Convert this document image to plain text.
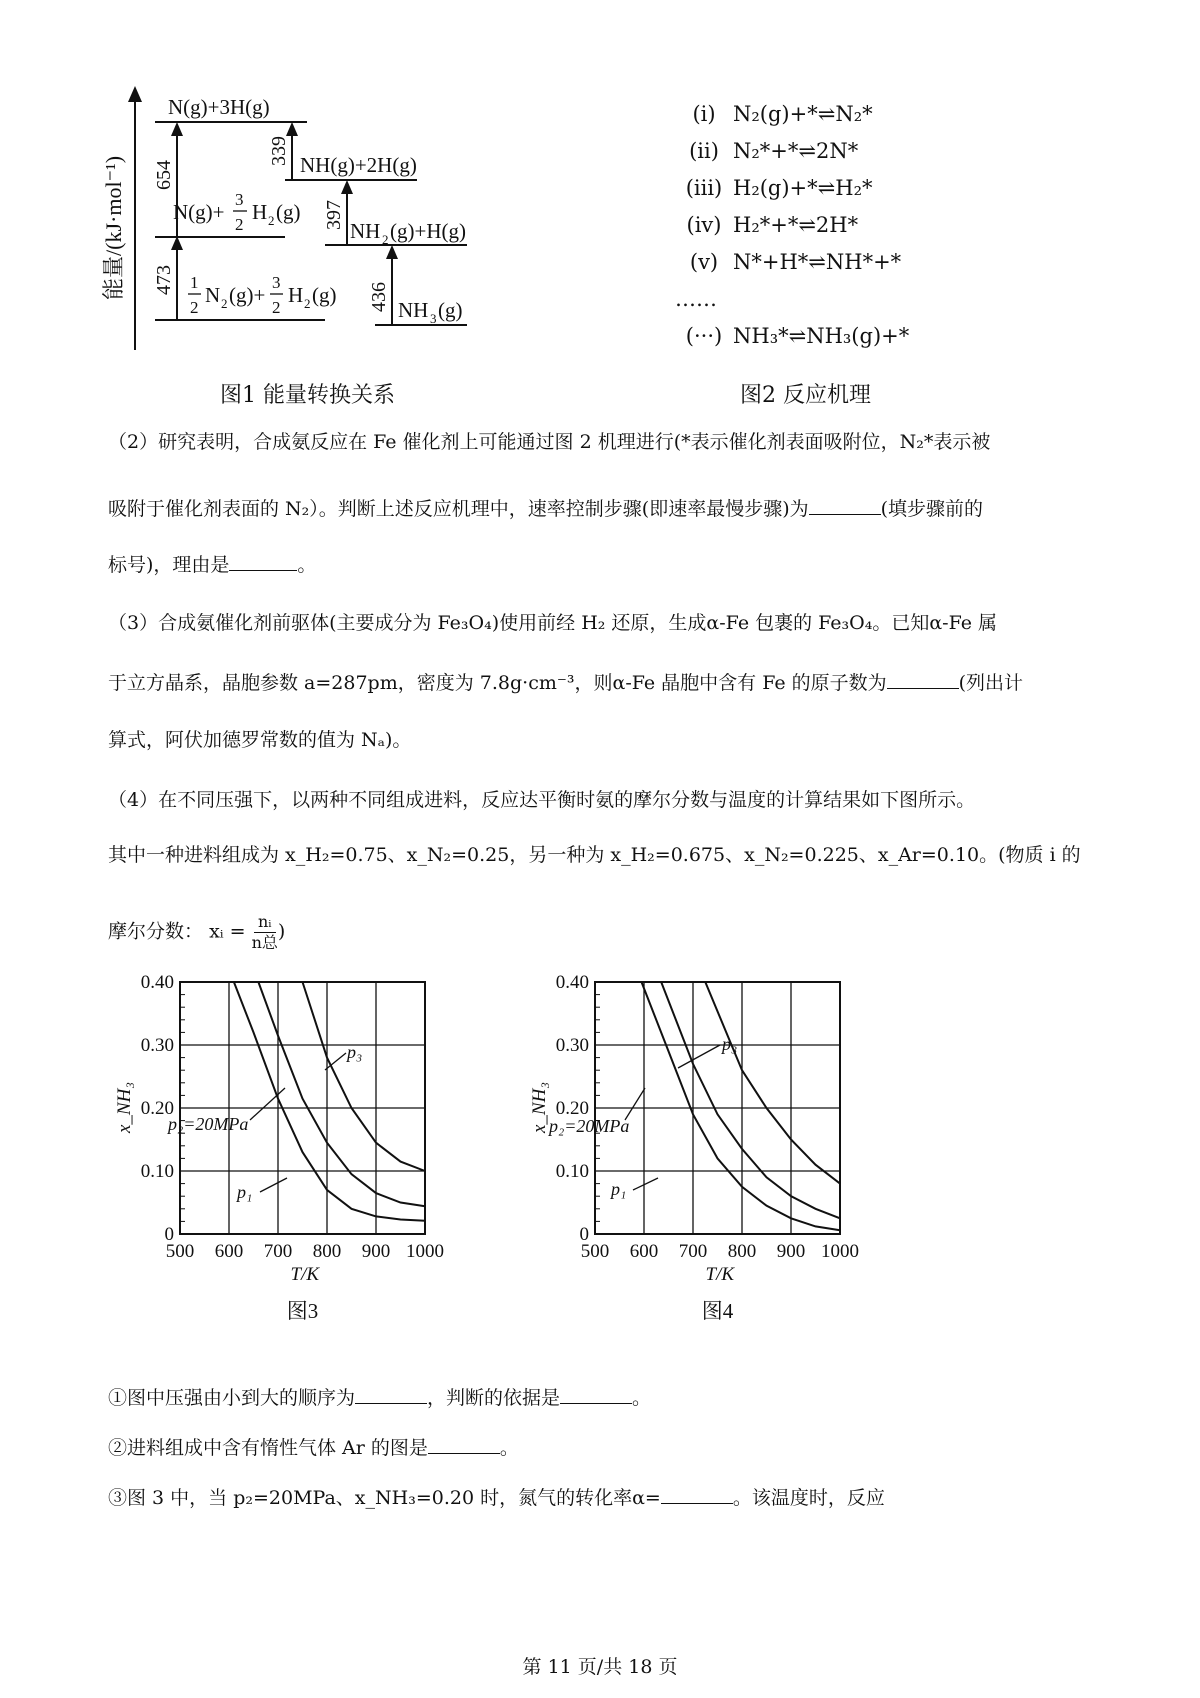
能量/(kJ·mol⁻¹) 654
473
339
397
436
N(g)+3H(g)
NH(g)+2H(g)
N(g)+
3
2
H 2 (g)
NH 2 (g)+H(g)
1
2
N 2 (g)+
3
2
H 2 (g)
NH 3 (g)
图1 能量转换关系
(i) N₂(g)+*⇌N₂*
(ii) N₂*+*⇌2N*
(iii) H₂(g)+*⇌H₂*
(iv) H₂*+*⇌2H*
(v) N*+H*⇌NH*+*
……
(···) NH₃*⇌NH₃(g)+*
图2 反应机理
（2）研究表明，合成氨反应在 Fe 催化剂上可能通过图 2 机理进行(*表示催化剂表面吸附位，N₂*表示被
吸附于催化剂表面的 N₂）。判断上述反应机理中，速率控制步骤(即速率最慢步骤)为	(填步骤前的
标号)，理由是	。
（3）合成氨催化剂前驱体(主要成分为 Fe₃O₄)使用前经 H₂ 还原，生成α-Fe 包裹的 Fe₃O₄。已知α-Fe 属
于立方晶系，晶胞参数 a=287pm，密度为 7.8g·cm⁻³，则α-Fe 晶胞中含有 Fe 的原子数为	(列出计
算式，阿伏加德罗常数的值为 Nₐ)。
（4）在不同压强下，以两种不同组成进料，反应达平衡时氨的摩尔分数与温度的计算结果如下图所示。
其中一种进料组成为 x_H₂=0.75、x_N₂=0.25，另一种为 x_H₂=0.675、x_N₂=0.225、x_Ar=0.10。(物质 i 的
摩尔分数： xᵢ = nᵢ
n总 )
500 600 700 800 900 1000
0
0.10
0.20
0.30
0.40
T/K
x_NH₃
p₃
p₂=20MPa
p₁
图3
500 600 700 800 900 1000
0
0.10
0.20
0.30
0.40
T/K
x_NH₃
p₃
p₂=20MPa
p₁
图4
①图中压强由小到大的顺序为	，判断的依据是	。
②进料组成中含有惰性气体 Ar 的图是	。
③图 3 中，当 p₂=20MPa、x_NH₃=0.20 时，氮气的转化率α=	。该温度时，反应
第 11 页/共 18 页
